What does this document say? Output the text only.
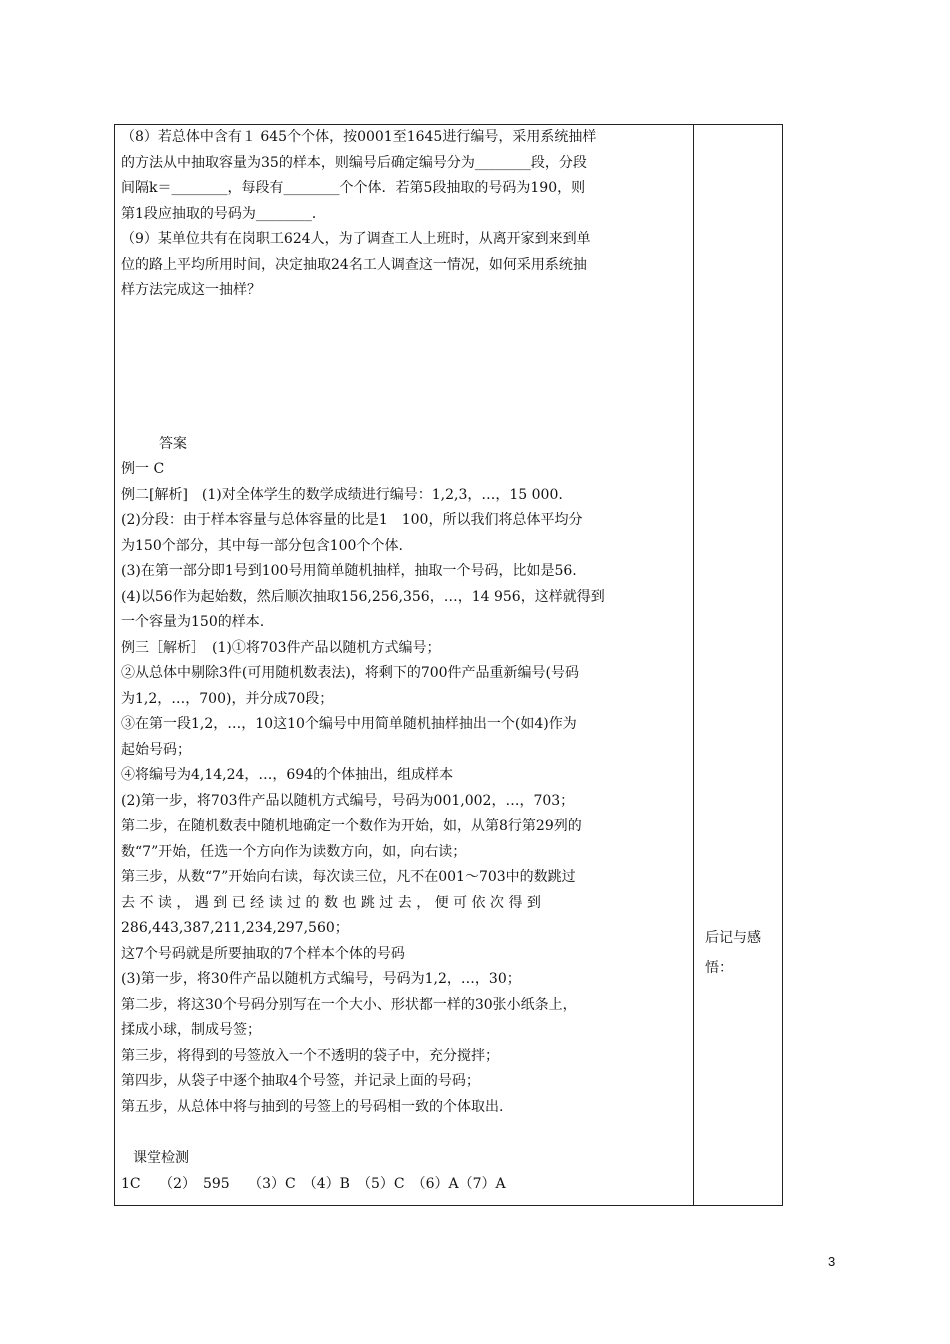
（8）若总体中含有１ 645个个体，按0001至1645进行编号，采用系统抽样
的方法从中抽取容量为35的样本，则编号后确定编号分为________段，分段
间隔k＝________，每段有________个个体．若第5段抽取的号码为190，则
第1段应抽取的号码为________．
（9）某单位共有在岗职工624人，为了调查工人上班时，从离开家到来到单
位的路上平均所用时间，决定抽取24名工人调查这一情况，如何采用系统抽
样方法完成这一抽样？
答案
例一 C
例二[解析]　(1)对全体学生的数学成绩进行编号：1,2,3，…，15 000.
(2)分段：由于样本容量与总体容量的比是1　100，所以我们将总体平均分
为150个部分，其中每一部分包含100个个体.
(3)在第一部分即1号到100号用简单随机抽样，抽取一个号码，比如是56.
(4)以56作为起始数，然后顺次抽取156,256,356，…，14 956，这样就得到
一个容量为150的样本.
例三［解析］　(1)①将703件产品以随机方式编号；
②从总体中剔除3件(可用随机数表法)，将剩下的700件产品重新编号(号码
为1,2，…，700)，并分成70段；
③在第一段1,2，…，10这10个编号中用简单随机抽样抽出一个(如4)作为
起始号码；
④将编号为4,14,24，…，694的个体抽出，组成样本
(2)第一步，将703件产品以随机方式编号，号码为001,002，…，703；
第二步，在随机数表中随机地确定一个数作为开始，如，从第8行第29列的
数“7”开始，任选一个方向作为读数方向，如，向右读；
第三步，从数“7”开始向右读，每次读三位，凡不在001～703中的数跳过
去 不 读 ， 遇 到 已 经 读 过 的 数 也 跳 过 去 ， 便 可 依 次 得 到
286,443,387,211,234,297,560；
这7个号码就是所要抽取的7个样本个体的号码
(3)第一步，将30件产品以随机方式编号，号码为1,2，…，30；
第二步，将这30个号码分别写在一个大小、形状都一样的30张小纸条上，
揉成小球，制成号签；
第三步，将得到的号签放入一个不透明的袋子中，充分搅拌；
第四步，从袋子中逐个抽取4个号签，并记录上面的号码；
第五步，从总体中将与抽到的号签上的号码相一致的个体取出.
课堂检测
1C　 （2）　595　 （3）C　（4）B　（5）C　（6）A（7）A
后记与感
悟：
3
